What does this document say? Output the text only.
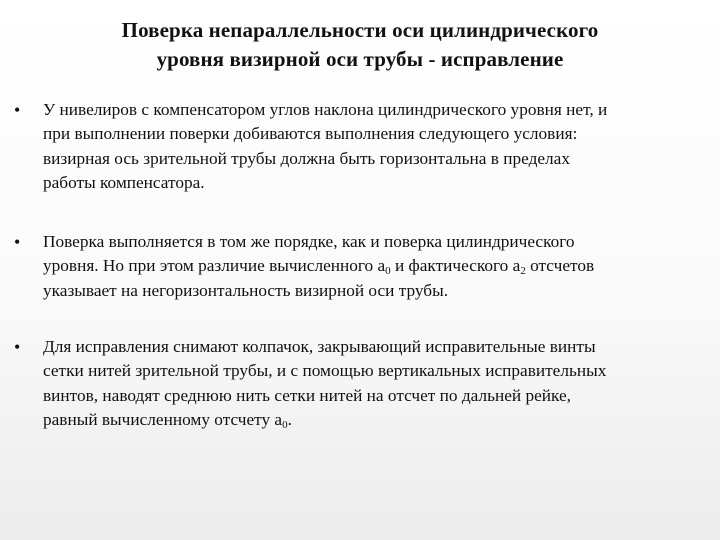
Поверка непараллельности оси цилиндрического
уровня визирной оси трубы - исправление
• У нивелиров с компенсатором углов наклона цилиндрического уровня нет, и
при выполнении поверки добиваются выполнения следующего условия:
визирная ось зрительной трубы должна быть горизонтальна в пределах
работы компенсатора.
• Поверка выполняется в том же порядке, как и поверка цилиндрического
уровня. Но при этом различие вычисленного $a_0$ и фактического $a_2$ отсчетов
указывает на негоризонтальность визирной оси трубы.
• Для исправления снимают колпачок, закрывающий исправительные винты
сетки нитей зрительной трубы, и с помощью вертикальных исправительных
винтов, наводят среднюю нить сетки нитей на отсчет по дальней рейке,
равный вычисленному отсчету $a_0$.
